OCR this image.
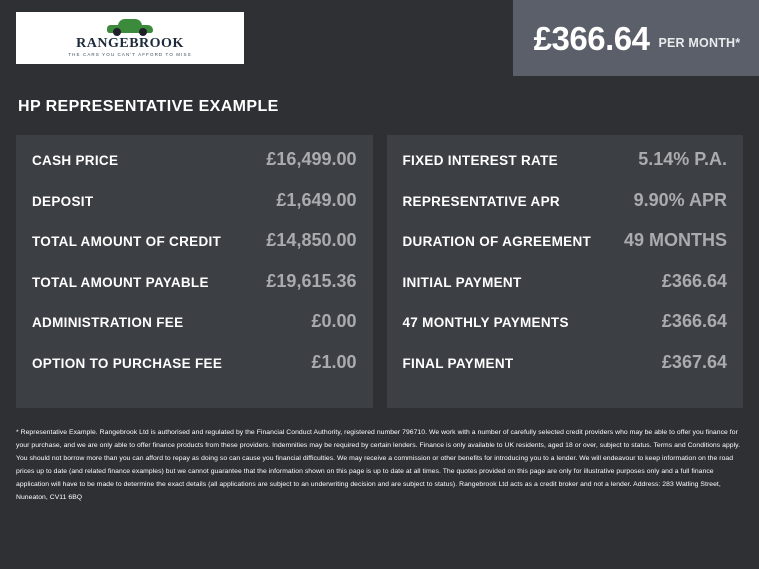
RANGEBROOK
THE CARS YOU CAN'T AFFORD TO MISS	£366.64 PER MONTH*
HP REPRESENTATIVE EXAMPLE
CASH PRICE	£16,499.00
DEPOSIT	£1,649.00
TOTAL AMOUNT OF CREDIT	£14,850.00
TOTAL AMOUNT PAYABLE	£19,615.36
ADMINISTRATION FEE	£0.00
OPTION TO PURCHASE FEE	£1.00
FIXED INTEREST RATE	5.14% P.A.
REPRESENTATIVE APR	9.90% APR
DURATION OF AGREEMENT 49 MONTHS
INITIAL PAYMENT	£366.64
47 MONTHLY PAYMENTS	£366.64
FINAL PAYMENT	£367.64
* Representative Example. Rangebrook Ltd is authorised and regulated by the Financial Conduct Authority, registered number 796710. We work with a number of carefully selected credit providers who may be able to offer you finance for your purchase, and we are only able to offer finance products from these providers. Indemnities may be required by certain lenders. Finance is only available to UK residents, aged 18 or over, subject to status. Terms and Conditions apply. You should not borrow more than you can afford to repay as doing so can cause you financial difficulties. We may receive a commission or other benefits for introducing you to a lender. We will endeavour to keep information on the road prices up to date (and related finance examples) but we cannot guarantee that the information shown on this page is up to date at all times. The quotes provided on this page are only for illustrative purposes only and a full finance application will have to be made to determine the exact details (all applications are subject to an underwriting decision and are subject to status). Rangebrook Ltd acts as a credit broker and not a lender. Address: 283 Watling Street, Nuneaton, CV11 6BQ
